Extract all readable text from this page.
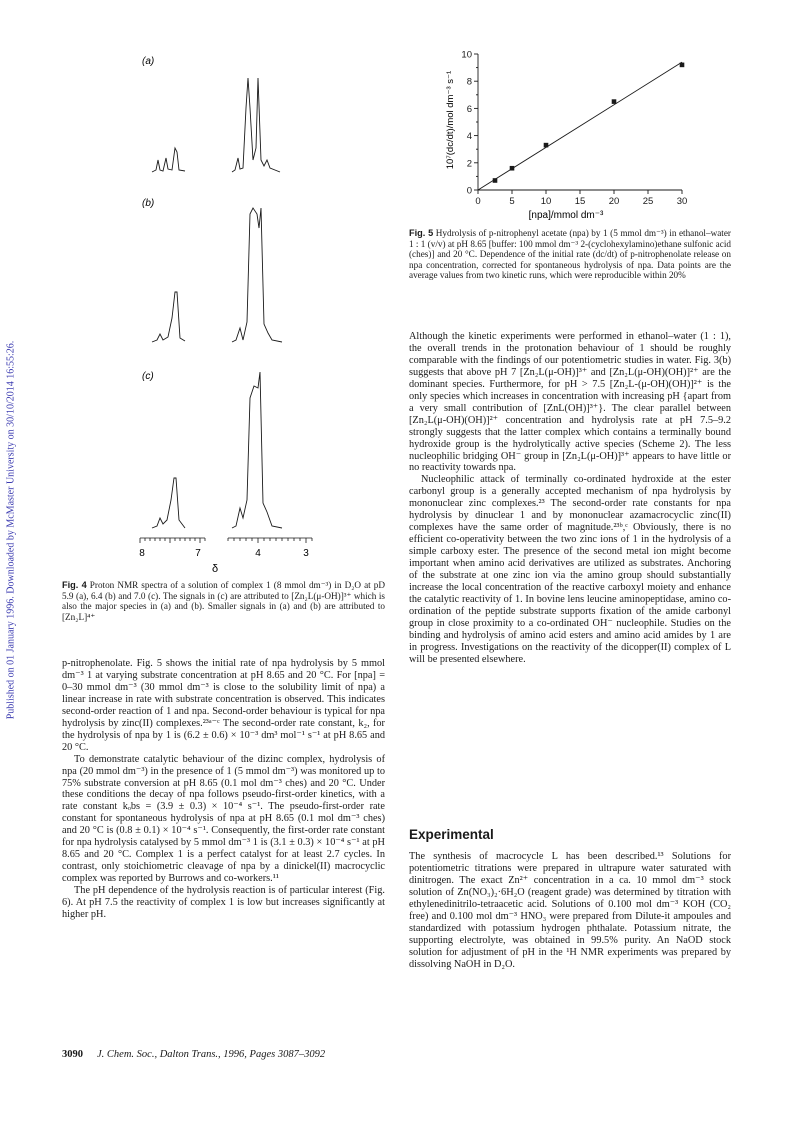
Published on 01 January 1996. Downloaded by McMaster University on 30/10/2014 16:55:26.
(a)
(b)
(c)
8	7	4	3
δ
Fig. 4 Proton NMR spectra of a solution of complex 1 (8 mmol dm⁻³) in D₂O at pD 5.9 (a), 6.4 (b) and 7.0 (c). The signals in (c) are attributed to [Zn₂L(μ-OH)]³⁺ which is also the major species in (a) and (b). Smaller signals in (a) and (b) are attributed to [Zn₂L]⁴⁺
0
2
4
6
8
10
0	5	10 15 20 25 30
[npa]/mmol dm⁻³
10⁷(dc/dt)/mol dm⁻³ s⁻¹
Fig. 5 Hydrolysis of p-nitrophenyl acetate (npa) by 1 (5 mmol dm⁻³) in ethanol–water 1 : 1 (v/v) at pH 8.65 [buffer: 100 mmol dm⁻³ 2-(cyclohexylamino)ethane sulfonic acid (ches)] and 20 °C. Dependence of the initial rate (dc/dt) of p-nitrophenolate release on npa concentration, corrected for spontaneous hydrolysis of npa. Data points are the average values from two kinetic runs, which were reproducible within 20%

p-nitrophenolate. Fig. 5 shows the initial rate of npa hydrolysis by 5 mmol dm⁻³ 1 at varying substrate concentration at pH 8.65 and 20 °C. For [npa] = 0–30 mmol dm⁻³ (30 mmol dm⁻³ is close to the solubility limit of npa) a linear increase in rate with substrate concentration is observed. This indicates second-order reaction of 1 and npa. Second-order behaviour is typical for npa hydrolysis by zinc(II) complexes.²³ᵃ⁻ᶜ The second-order rate constant, k₂, for the hydrolysis of npa by 1 is (6.2 ± 0.6) × 10⁻³ dm³ mol⁻¹ s⁻¹ at pH 8.65 and 20 °C.

To demonstrate catalytic behaviour of the dizinc complex, hydrolysis of npa (20 mmol dm⁻³) in the presence of 1 (5 mmol dm⁻³) was monitored up to 75% substrate conversion at pH 8.65 (0.1 mol dm⁻³ ches) and 20 °C. Under these conditions the decay of npa follows pseudo-first-order kinetics, with a rate constant kₒbs = (3.9 ± 0.3) × 10⁻⁴ s⁻¹. The pseudo-first-order rate constant for spontaneous hydrolysis of npa at pH 8.65 (0.1 mol dm⁻³ ches) and 20 °C is (0.8 ± 0.1) × 10⁻⁴ s⁻¹. Consequently, the first-order rate constant for npa hydrolysis catalysed by 5 mmol dm⁻³ 1 is (3.1 ± 0.3) × 10⁻⁴ s⁻¹ at pH 8.65 and 20 °C. Complex 1 is a perfect catalyst for at least 2.7 cycles. In contrast, only stoichiometric cleavage of npa by a dinickel(II) macrocyclic complex was reported by Burrows and co-workers.¹¹

The pH dependence of the hydrolysis reaction is of particular interest (Fig. 6). At pH 7.5 the reactivity of complex 1 is low but increases significantly at higher pH.

Although the kinetic experiments were performed in ethanol–water (1 : 1), the overall trends in the protonation behaviour of 1 should be roughly comparable with the findings of our potentiometric studies in water. Fig. 3(b) suggests that above pH 7 [Zn₂L(μ-OH)]³⁺ and [Zn₂L(μ-OH)(OH)]²⁺ are the dominant species. Furthermore, for pH > 7.5 [Zn₂L-(μ-OH)(OH)]²⁺ is the only species which increases in concentration with increasing pH {apart from a very small contribution of [ZnL(OH)]³⁺}. The clear parallel between [Zn₂L(μ-OH)(OH)]²⁺ concentration and hydrolysis rate at pH 7.5–9.2 strongly suggests that the latter complex which contains a terminally bound hydroxide group is the hydrolytically active species (Scheme 2). The less nucleophilic bridging OH⁻ group in [Zn₂L(μ-OH)]³⁺ appears to have little or no reactivity towards npa.

Nucleophilic attack of terminally co-ordinated hydroxide at the ester carbonyl group is a generally accepted mechanism of npa hydrolysis by mononuclear zinc complexes.²³ The second-order rate constants for npa hydrolysis by dinuclear 1 and by mononuclear azamacrocyclic zinc(II) complexes have the same order of magnitude.²³ᵇ,ᶜ Obviously, there is no efficient co-operativity between the two zinc ions of 1 in the hydrolysis of a simple carboxy ester. The presence of the second metal ion might become important when amino acid derivatives are utilized as substrates. Anchoring of the substrate at one zinc ion via the amino group should substantially increase the local concentration of the reactive carboxyl moiety and enhance the catalytic reactivity of 1. In bovine lens leucine aminopeptidase, amino co-ordination of the peptide substrate supports fixation of the amide carbonyl group in close proximity to a co-ordinated OH⁻ nucleophile. Studies on the binding and hydrolysis of amino acid esters and amino acid amides by 1 are in progress. Investigations on the reactivity of the dicopper(II) complex of L will be presented elsewhere.

Experimental

The synthesis of macrocycle L has been described.¹³ Solutions for potentiometric titrations were prepared in ultrapure water saturated with dinitrogen. The exact Zn²⁺ concentration in a ca. 10 mmol dm⁻³ stock solution of Zn(NO₃)₂·6H₂O (reagent grade) was determined by titration with ethylenedinitrilo-tetraacetic acid. Solutions of 0.100 mol dm⁻³ KOH (CO₂ free) and 0.100 mol dm⁻³ HNO₃ were prepared from Dilute-it ampoules and standardized with potassium hydrogen phthalate. Potassium nitrate, the supporting electrolyte, was obtained in 99.5% purity. An NaOD stock solution for adjustment of pH in the ¹H NMR experiments was prepared by dissolving NaOH in D₂O.

3090 J. Chem. Soc., Dalton Trans., 1996, Pages 3087–3092
